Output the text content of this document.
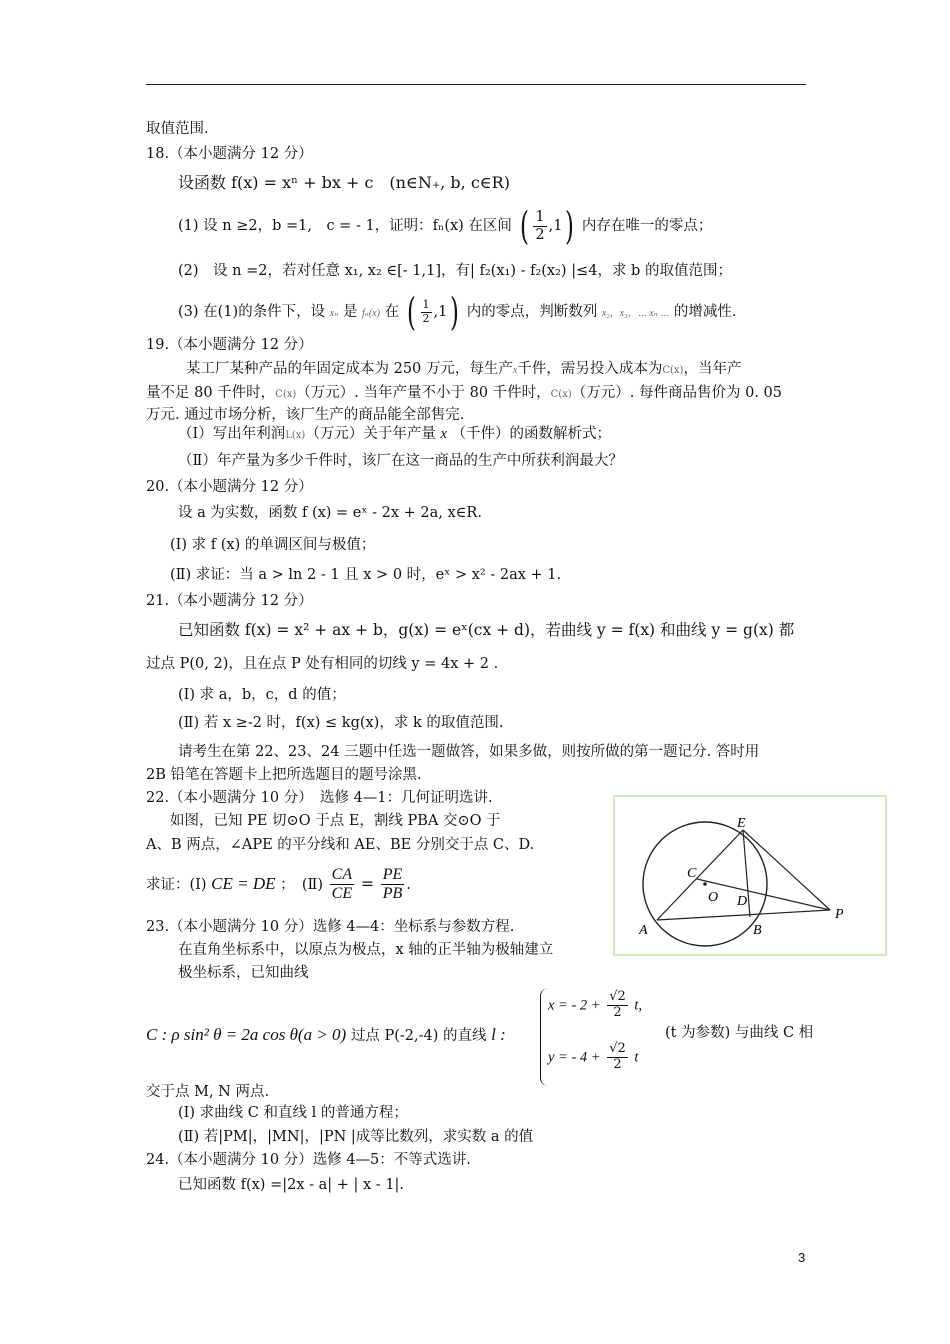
取值范围.
18.（本小题满分 12 分）
设函数 f(x) = xⁿ + bx + c　(n∈N₊, b, c∈R)
(1) 设 n ≥2，b =1,　c = - 1，证明：fₙ(x) 在区间 ( $\frac{1}{2} ,1$) 内存在唯一的零点；
(2)　设 n =2，若对任意 x₁, x₂ ∈[- 1,1]，有| f₂(x₁) - f₂(x₂) |≤4，求 b 的取值范围；
(3) 在(1)的条件下，设 xₙ 是 fₙ(x) 在 ( $\frac{1}{2} ,1$) 内的零点，判断数列 x₂，x₃，⋯ xₙ ⋯ 的增减性.
19.（本小题满分 12 分）
某工厂某种产品的年固定成本为 250 万元，每生产x千件，需另投入成本为C(x)，当年产
量不足 80 千件时，C(x)（万元）. 当年产量不小于 80 千件时，C(x)（万元）. 每件商品售价为 0. 05
万元. 通过市场分析，该厂生产的商品能全部售完.
（Ⅰ）写出年利润L(x)（万元）关于年产量 x （千件）的函数解析式；
（Ⅱ）年产量为多少千件时，该厂在这一商品的生产中所获利润最大？
20.（本小题满分 12 分）
设 a 为实数，函数 f (x) = eˣ - 2x + 2a, x∈R.
(Ⅰ) 求 f (x) 的单调区间与极值；
(Ⅱ) 求证：当 a > ln 2 - 1 且 x > 0 时，eˣ > x² - 2ax + 1.
21.（本小题满分 12 分）
已知函数 f(x) = x² + ax + b，g(x) = eˣ(cx + d)，若曲线 y = f(x) 和曲线 y = g(x) 都
过点 P(0, 2)，且在点 P 处有相同的切线 y = 4x + 2 .
(Ⅰ) 求 a，b，c，d 的值；
(Ⅱ) 若 x ≥-2 时，f(x) ≤ kg(x)，求 k 的取值范围.
请考生在第 22、23、24 三题中任选一题做答，如果多做，则按所做的第一题记分. 答时用
2B 铅笔在答题卡上把所选题目的题号涂黑.
22.（本小题满分 10 分）　选修 4—1：几何证明选讲.
如图，已知 PE 切⊙O 于点 E，割线 PBA 交⊙O 于
A、B 两点，∠APE 的平分线和 AE、BE 分别交于点 C、D.
求证：(Ⅰ) CE = DE ；　(Ⅱ) $\frac{CA}{CE} = \frac{PE}{PB}$ .
A	B
C
D
E
O
P
23.（本小题满分 10 分）选修 4—4：坐标系与参数方程.
在直角坐标系中，以原点为极点，x 轴的正半轴为极轴建立
极坐标系，已知曲线
C : ρ sin² θ = 2a cos θ(a > 0) 过点 P(-2,-4) 的直线 l :
x = - $2 + \frac{√2}{2} t$,
y = - $4 + \frac{√2}{2}$ t
(t 为参数) 与曲线 C 相
交于点 M, N 两点.
(Ⅰ) 求曲线 C 和直线 l 的普通方程；
(Ⅱ) 若|PM|，|MN|，|PN |成等比数列，求实数 a 的值
24.（本小题满分 10 分）选修 4—5：不等式选讲.
已知函数 f(x) =|2x - a| + | x - 1|.
3
